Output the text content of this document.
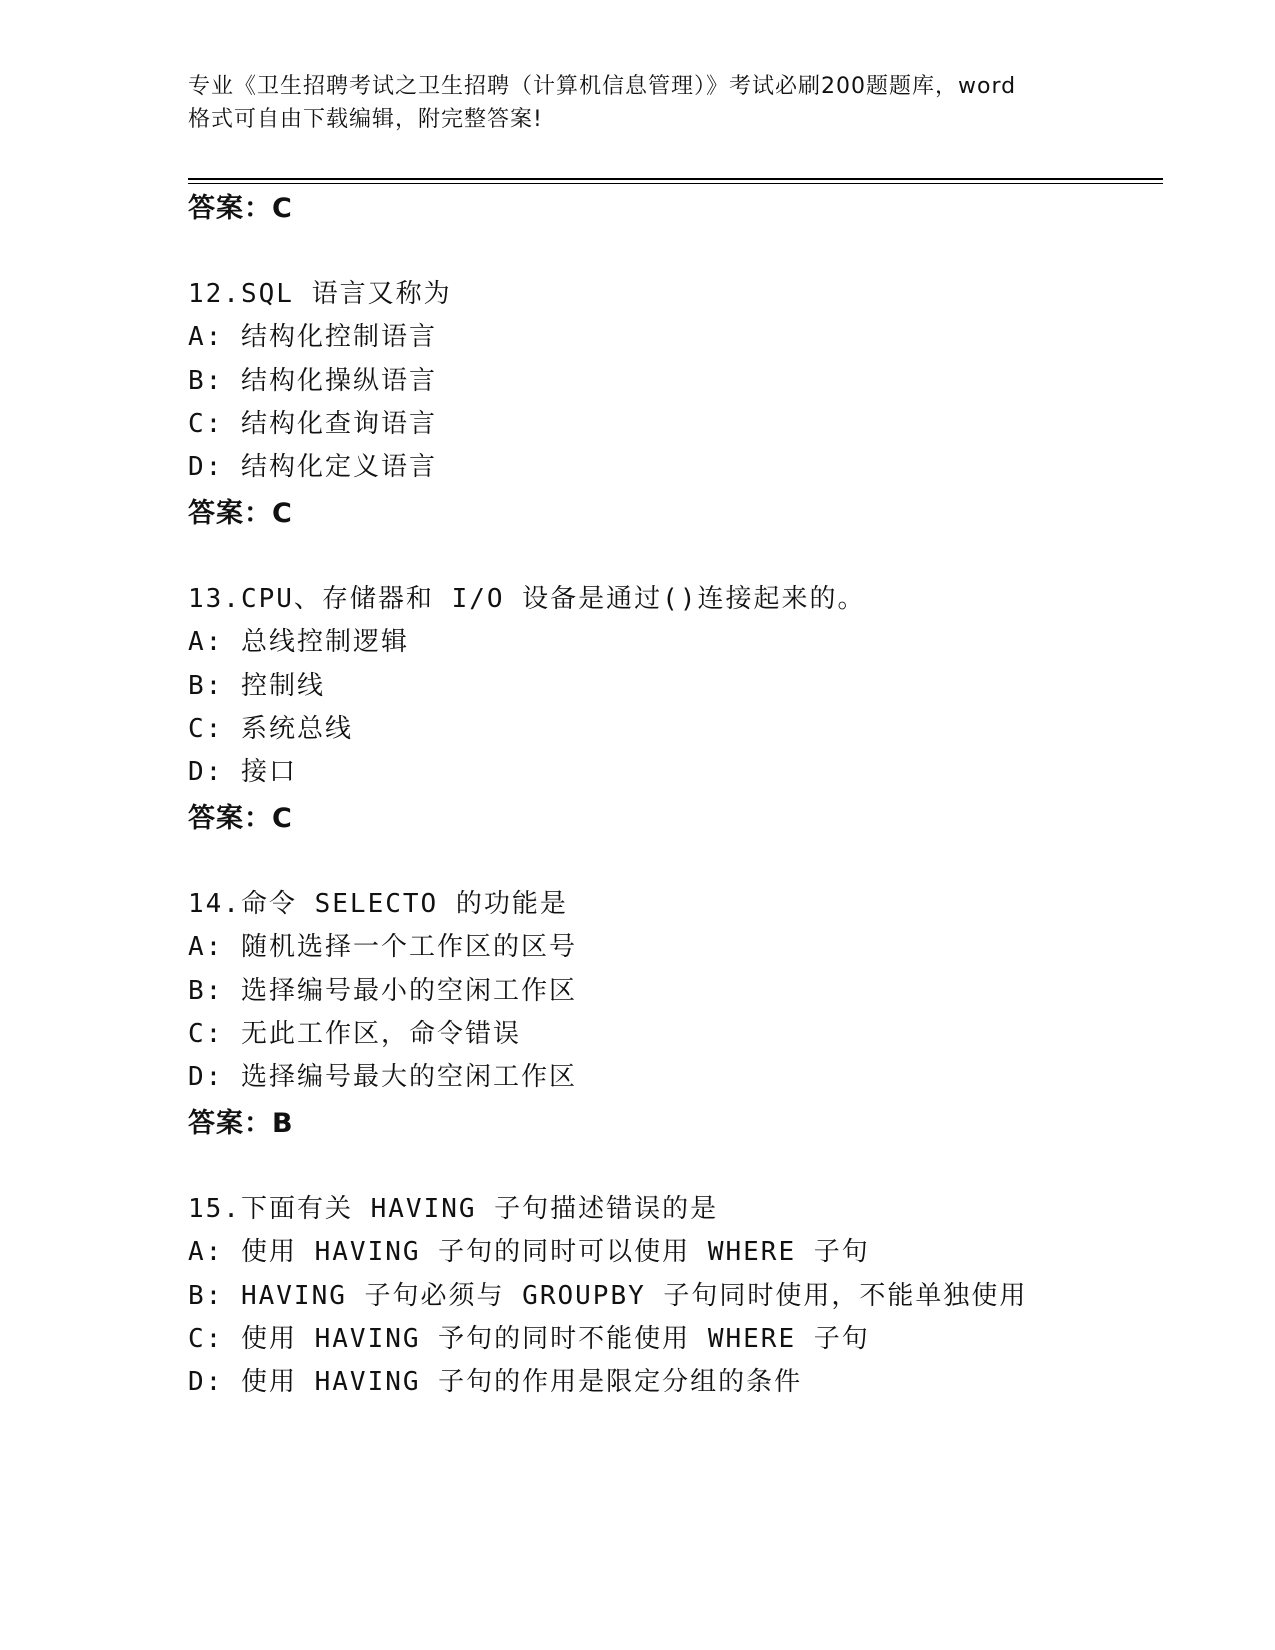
专业《卫生招聘考试之卫生招聘（计算机信息管理）》考试必刷200题题库，word
格式可自由下载编辑，附完整答案!
答案：C
12.SQL 语言又称为
A: 结构化控制语言
B: 结构化操纵语言
C: 结构化查询语言
D: 结构化定义语言
答案：C
13.CPU、存储器和 I/O 设备是通过()连接起来的。
A: 总线控制逻辑
B: 控制线
C: 系统总线
D: 接口
答案：C
14.命令 SELECTO 的功能是
A: 随机选择一个工作区的区号
B: 选择编号最小的空闲工作区
C: 无此工作区，命令错误
D: 选择编号最大的空闲工作区
答案：B
15.下面有关 HAVING 子句描述错误的是
A: 使用 HAVING 子句的同时可以使用 WHERE 子句
B: HAVING 子句必须与 GROUPBY 子句同时使用，不能单独使用
C: 使用 HAVING 予句的同时不能使用 WHERE 子句
D: 使用 HAVING 子句的作用是限定分组的条件
